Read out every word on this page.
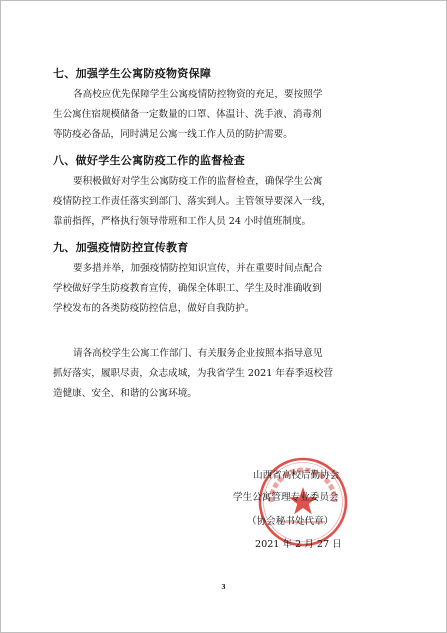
七、加强学生公寓防疫物资保障
各高校应优先保障学生公寓疫情防控物资的充足，要按照学
生公寓住宿规模储备一定数量的口罩、体温计、洗手液、消毒剂
等防疫必备品，同时满足公寓一线工作人员的防护需要。
八、做好学生公寓防疫工作的监督检查
要积极做好对学生公寓防疫工作的监督检查，确保学生公寓
疫情防控工作责任落实到部门、落实到人。主管领导要深入一线，
靠前指挥，严格执行领导带班和工作人员 24 小时值班制度。
九、加强疫情防控宣传教育
要多措并举，加强疫情防控知识宣传，并在重要时间点配合
学校做好学生防疫教育宣传，确保全体职工、学生及时准确收到
学校发布的各类防疫防控信息，做好自我防护。
请各高校学生公寓工作部门、有关服务企业按照本指导意见
抓好落实，履职尽责，众志成城，为我省学生 2021 年春季返校营
造健康、安全、和谐的公寓环境。
山西省高校后勤协会
学生公寓管理专业委员会
（协会秘书处代章）
2021 年 2 月 27 日
3
